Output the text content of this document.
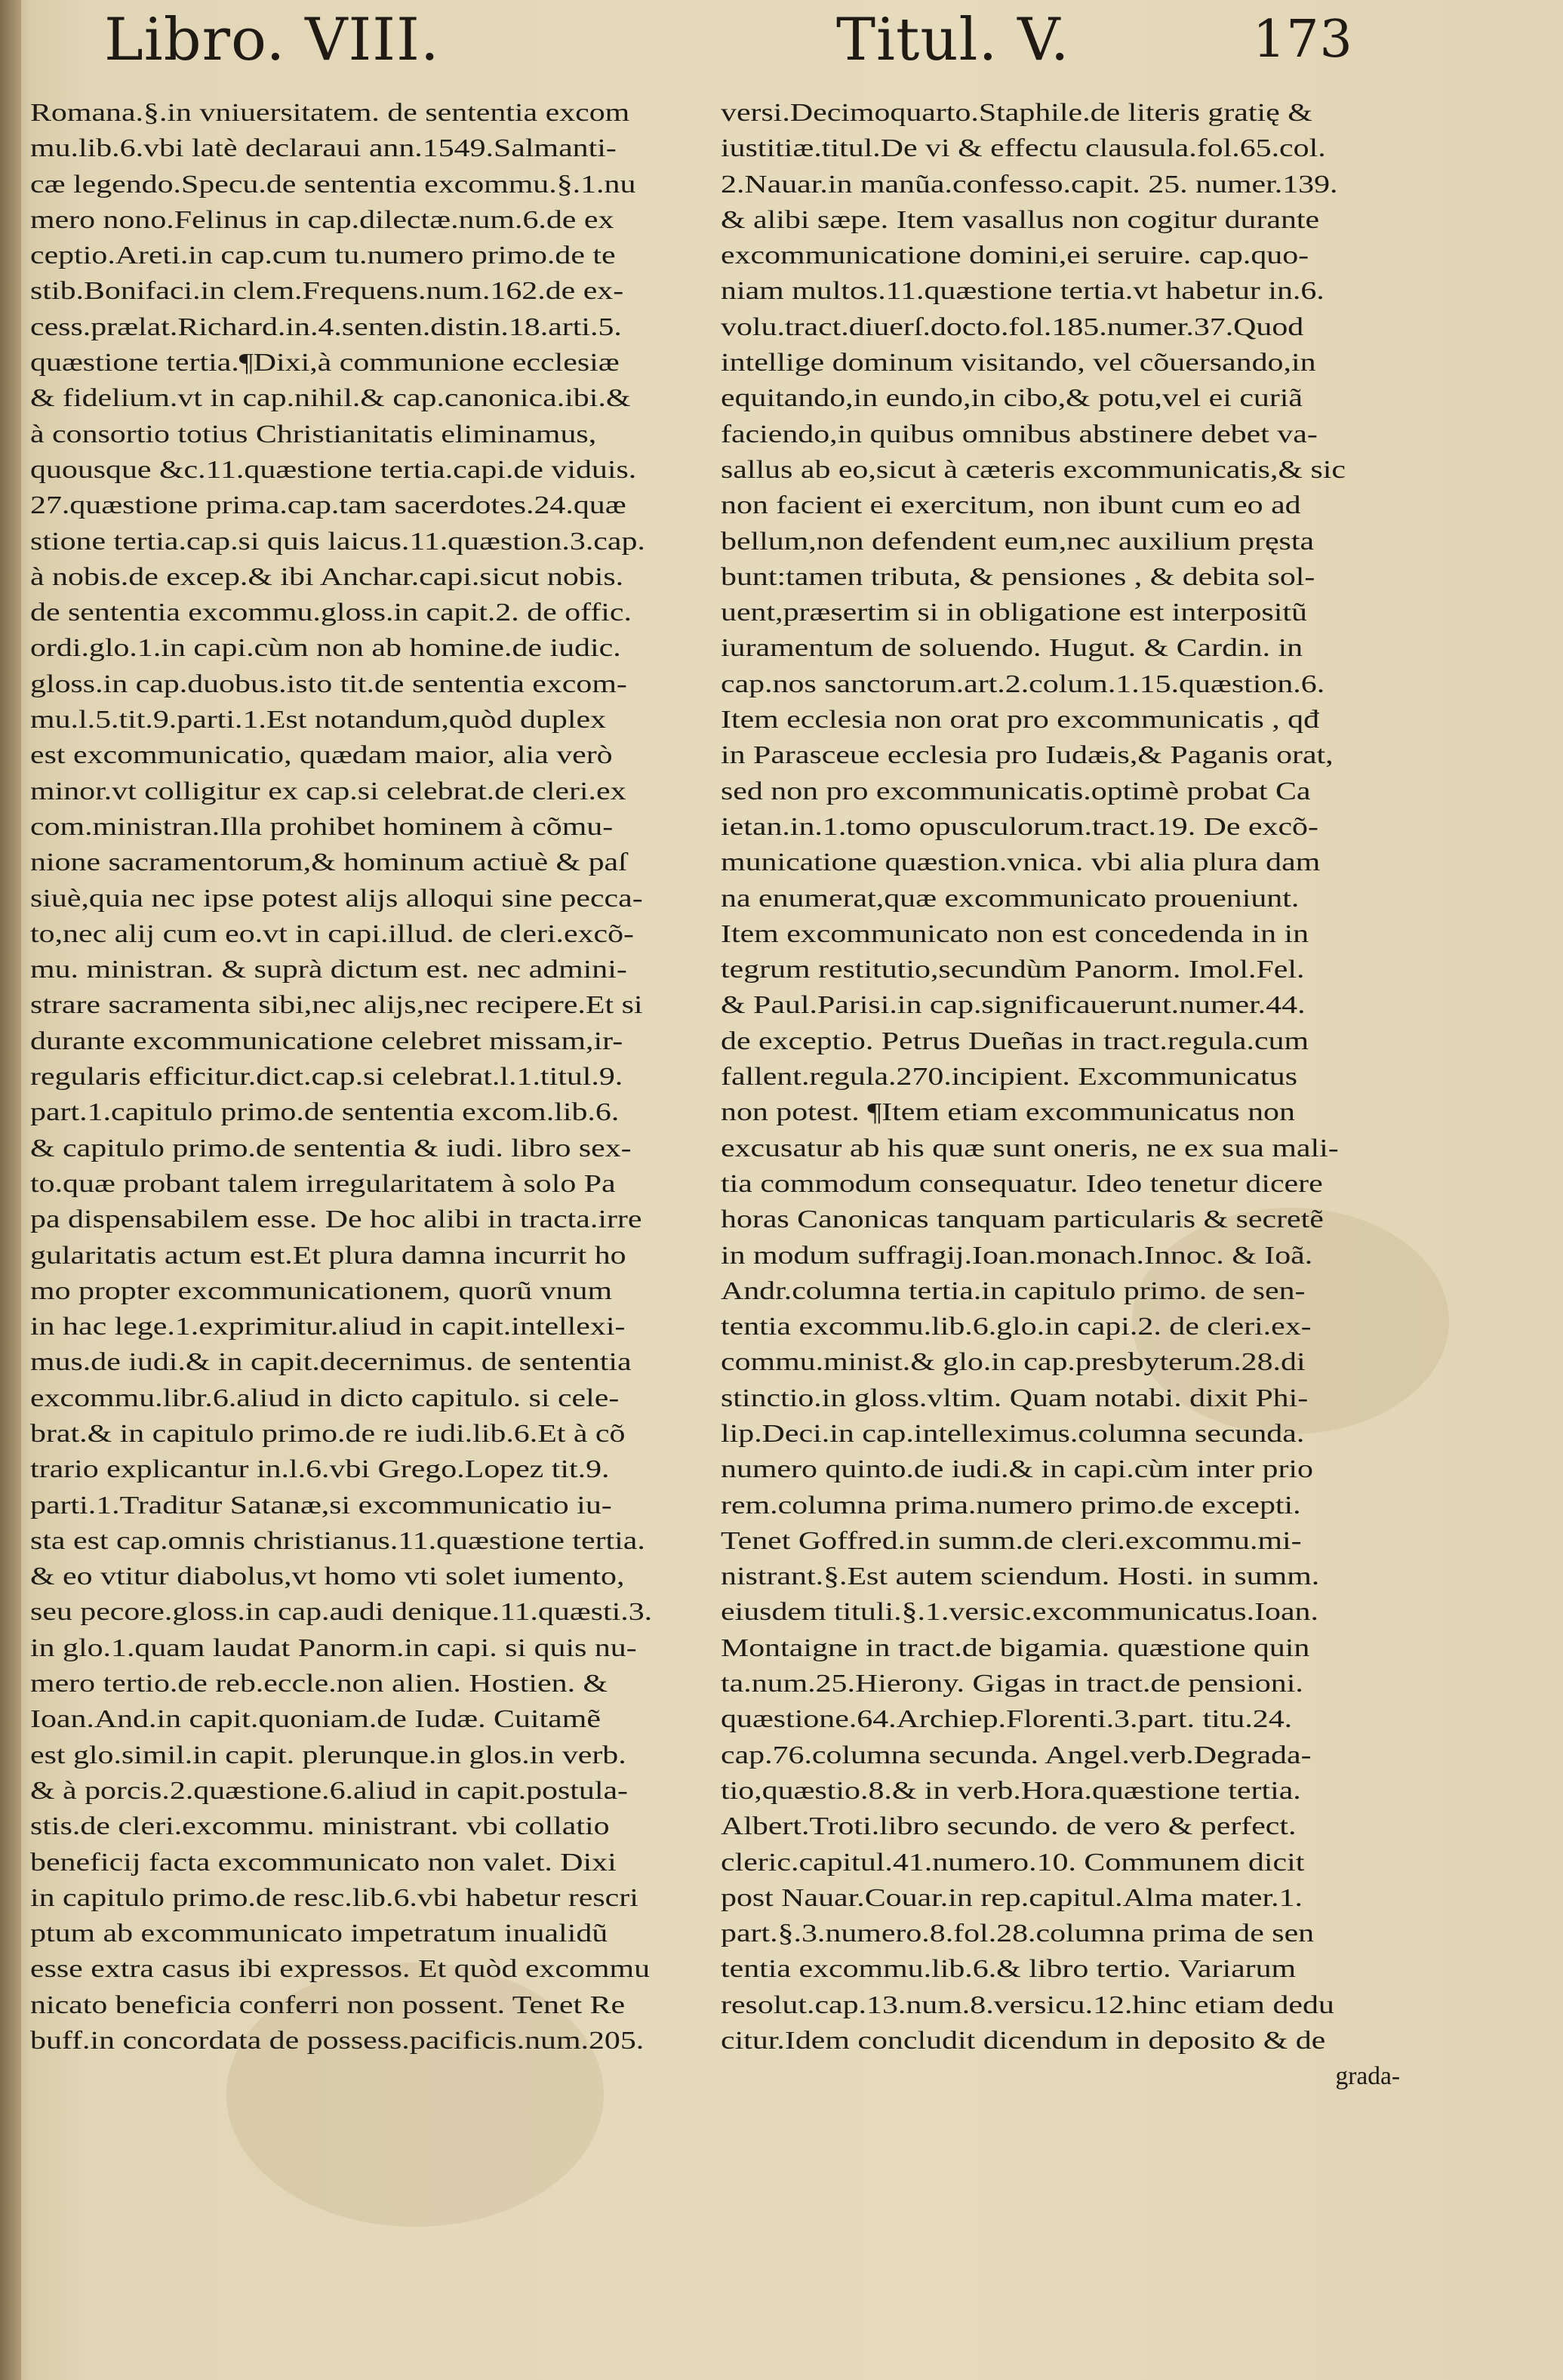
Libro. VIII.	Titul. V.	173
Romana.§.in vniuersitatem. de sententia excom
mu.lib.6.vbi latè declaraui ann.1549.Salmanti-
cæ legendo.Specu.de sententia excommu.§.1.nu
mero nono.Felinus in cap.dilectæ.num.6.de ex
ceptio.Areti.in cap.cum tu.numero primo.de te
stib.Bonifaci.in clem.Frequens.num.162.de ex-
cess.prælat.Richard.in.4.senten.distin.18.arti.5.
quæstione tertia.¶Dixi,à communione ecclesiæ
& fidelium.vt in cap.nihil.& cap.canonica.ibi.&
à consortio totius Christianitatis eliminamus,
quousque &c.11.quæstione tertia.capi.de viduis.
27.quæstione prima.cap.tam sacerdotes.24.quæ
stione tertia.cap.si quis laicus.11.quæstion.3.cap.
à nobis.de excep.& ibi Anchar.capi.sicut nobis.
de sententia excommu.gloss.in capit.2. de offic.
ordi.glo.1.in capi.cùm non ab homine.de iudic.
gloss.in cap.duobus.isto tit.de sententia excom-
mu.l.5.tit.9.parti.1.Est notandum,quòd duplex
est excommunicatio, quædam maior, alia verò
minor.vt colligitur ex cap.si celebrat.de cleri.ex
com.ministran.Illa prohibet hominem à cõmu-
nione sacramentorum,& hominum actiuè & paſ
siuè,quia nec ipse potest alijs alloqui sine pecca-
to,nec alij cum eo.vt in capi.illud. de cleri.excõ-
mu. ministran. & suprà dictum est. nec admini-
strare sacramenta sibi,nec alijs,nec recipere.Et si
durante excommunicatione celebret missam,ir-
regularis efficitur.dict.cap.si celebrat.l.1.titul.9.
part.1.capitulo primo.de sententia excom.lib.6.
& capitulo primo.de sententia & iudi. libro sex-
to.quæ probant talem irregularitatem à solo Pa
pa dispensabilem esse. De hoc alibi in tracta.irre
gularitatis actum est.Et plura damna incurrit ho
mo propter excommunicationem, quorũ vnum
in hac lege.1.exprimitur.aliud in capit.intellexi-
mus.de iudi.& in capit.decernimus. de sententia
excommu.libr.6.aliud in dicto capitulo. si cele-
brat.& in capitulo primo.de re iudi.lib.6.Et à cõ
trario explicantur in.l.6.vbi Grego.Lopez tit.9.
parti.1.Traditur Satanæ,si excommunicatio iu-
sta est cap.omnis christianus.11.quæstione tertia.
& eo vtitur diabolus,vt homo vti solet iumento,
seu pecore.gloss.in cap.audi denique.11.quæsti.3.
in glo.1.quam laudat Panorm.in capi. si quis nu-
mero tertio.de reb.eccle.non alien. Hostien. &
Ioan.And.in capit.quoniam.de Iudæ. Cuitamẽ
est glo.simil.in capit. plerunque.in glos.in verb.
& à porcis.2.quæstione.6.aliud in capit.postula-
stis.de cleri.excommu. ministrant. vbi collatio
beneficij facta excommunicato non valet. Dixi
in capitulo primo.de resc.lib.6.vbi habetur rescri
ptum ab excommunicato impetratum inualidũ
esse extra casus ibi expressos. Et quòd excommu
nicato beneficia conferri non possent. Tenet Re
buff.in concordata de possess.pacificis.num.205.
versi.Decimoquarto.Staphile.de literis gratię &
iustitiæ.titul.De vi & effectu clausula.fol.65.col.
2.Nauar.in manũa.confesso.capit. 25. numer.139.
& alibi sæpe. Item vasallus non cogitur durante
excommunicatione domini,ei seruire. cap.quo-
niam multos.11.quæstione tertia.vt habetur in.6.
volu.tract.diuerſ.docto.fol.185.numer.37.Quod
intellige dominum visitando, vel cõuersando,in
equitando,in eundo,in cibo,& potu,vel ei curiã
faciendo,in quibus omnibus abstinere debet va-
sallus ab eo,sicut à cæteris excommunicatis,& sic
non facient ei exercitum, non ibunt cum eo ad
bellum,non defendent eum,nec auxilium pręsta
bunt:tamen tributa, & pensiones , & debita sol-
uent,præsertim si in obligatione est interpositũ
iuramentum de soluendo. Hugut. & Cardin. in
cap.nos sanctorum.art.2.colum.1.15.quæstion.6.
Item ecclesia non orat pro excommunicatis , qđ
in Parasceue ecclesia pro Iudæis,& Paganis orat,
sed non pro excommunicatis.optimè probat Ca
ietan.in.1.tomo opusculorum.tract.19. De excõ-
municatione quæstion.vnica. vbi alia plura dam
na enumerat,quæ excommunicato proueniunt.
Item excommunicato non est concedenda in in
tegrum restitutio,secundùm Panorm. Imol.Fel.
& Paul.Parisi.in cap.significauerunt.numer.44.
de exceptio. Petrus Dueñas in tract.regula.cum
fallent.regula.270.incipient. Excommunicatus
non potest. ¶Item etiam excommunicatus non
excusatur ab his quæ sunt oneris, ne ex sua mali-
tia commodum consequatur. Ideo tenetur dicere
horas Canonicas tanquam particularis & secretẽ
in modum suffragij.Ioan.monach.Innoc. & Ioã.
Andr.columna tertia.in capitulo primo. de sen-
tentia excommu.lib.6.glo.in capi.2. de cleri.ex-
commu.minist.& glo.in cap.presbyterum.28.di
stinctio.in gloss.vltim. Quam notabi. dixit Phi-
lip.Deci.in cap.intelleximus.columna secunda.
numero quinto.de iudi.& in capi.cùm inter prio
rem.columna prima.numero primo.de excepti.
Tenet Goffred.in summ.de cleri.excommu.mi-
nistrant.§.Est autem sciendum. Hosti. in summ.
eiusdem tituli.§.1.versic.excommunicatus.Ioan.
Montaigne in tract.de bigamia. quæstione quin
ta.num.25.Hierony. Gigas in tract.de pensioni.
quæstione.64.Archiep.Florenti.3.part. titu.24.
cap.76.columna secunda. Angel.verb.Degrada-
tio,quæstio.8.& in verb.Hora.quæstione tertia.
Albert.Troti.libro secundo. de vero & perfect.
cleric.capitul.41.numero.10. Communem dicit
post Nauar.Couar.in rep.capitul.Alma mater.1.
part.§.3.numero.8.fol.28.columna prima de sen
tentia excommu.lib.6.& libro tertio. Variarum
resolut.cap.13.num.8.versicu.12.hinc etiam dedu
citur.Idem concludit dicendum in deposito & de
grada-
